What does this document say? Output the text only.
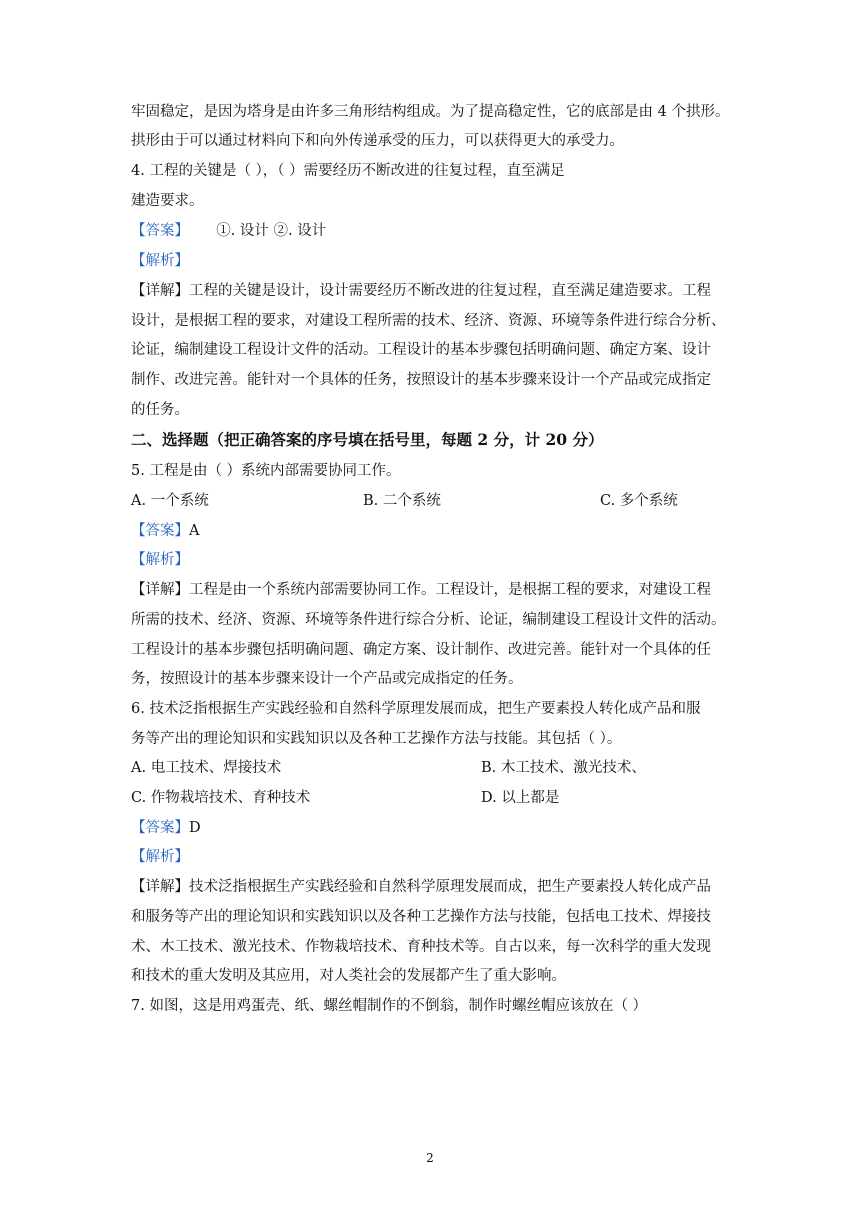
牢固稳定，是因为塔身是由许多三角形结构组成。为了提高稳定性，它的底部是由 4 个拱形。
拱形由于可以通过材料向下和向外传递承受的压力，可以获得更大的承受力。
4. 工程的关键是（ ），（ ）需要经历不断改进的往复过程，直至满足
建造要求。
【答案】 ①. 设计 ②. 设计
【解析】
【详解】工程的关键是设计，设计需要经历不断改进的往复过程，直至满足建造要求。工程
设计，是根据工程的要求，对建设工程所需的技术、经济、资源、环境等条件进行综合分析、
论证，编制建设工程设计文件的活动。工程设计的基本步骤包括明确问题、确定方案、设计
制作、改进完善。能针对一个具体的任务，按照设计的基本步骤来设计一个产品或完成指定
的任务。
二、选择题（把正确答案的序号填在括号里，每题 2 分，计 20 分）
5. 工程是由（ ）系统内部需要协同工作。
A. 一个系统	B. 二个系统	C. 多个系统
【答案】A
【解析】
【详解】工程是由一个系统内部需要协同工作。工程设计，是根据工程的要求，对建设工程
所需的技术、经济、资源、环境等条件进行综合分析、论证，编制建设工程设计文件的活动。
工程设计的基本步骤包括明确问题、确定方案、设计制作、改进完善。能针对一个具体的任
务，按照设计的基本步骤来设计一个产品或完成指定的任务。
6. 技术泛指根据生产实践经验和自然科学原理发展而成，把生产要素投人转化成产品和服
务等产出的理论知识和实践知识以及各种工艺操作方法与技能。其包括（ ）。
A. 电工技术、焊接技术	B. 木工技术、激光技术、
C. 作物栽培技术、育种技术	D. 以上都是
【答案】D
【解析】
【详解】技术泛指根据生产实践经验和自然科学原理发展而成，把生产要素投人转化成产品
和服务等产出的理论知识和实践知识以及各种工艺操作方法与技能，包括电工技术、焊接技
术、木工技术、激光技术、作物栽培技术、育种技术等。自古以来，每一次科学的重大发现
和技术的重大发明及其应用，对人类社会的发展都产生了重大影响。
7. 如图，这是用鸡蛋壳、纸、螺丝帽制作的不倒翁，制作时螺丝帽应该放在（ ）
2
